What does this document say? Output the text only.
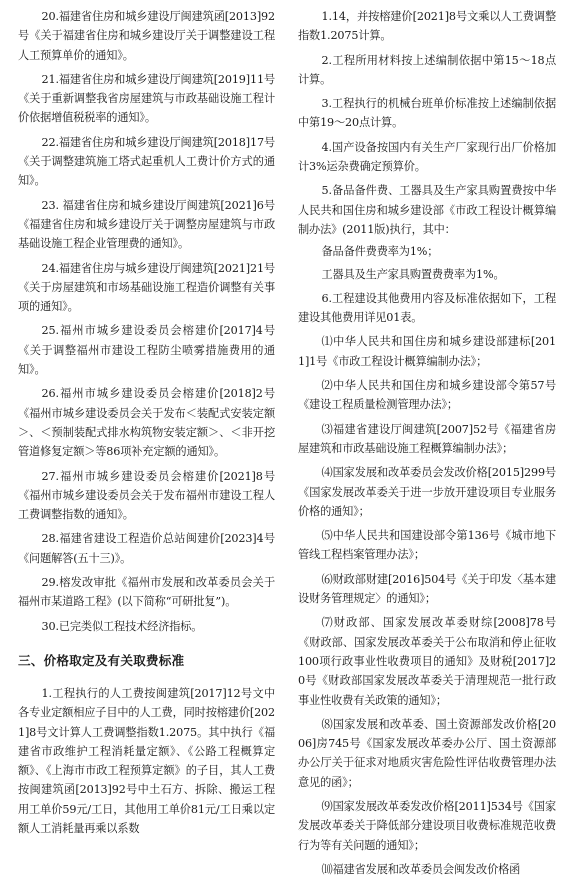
20.福建省住房和城乡建设厅闽建筑函[2013]92号《关于福建省住房和城乡建设厅关于调整建设工程人工预算单价的通知》。

21.福建省住房和城乡建设厅闽建筑[2019]11号《关于重新调整我省房屋建筑与市政基础设施工程计价依据增值税税率的通知》。

22.福建省住房和城乡建设厅闽建筑[2018]17号《关于调整建筑施工塔式起重机人工费计价方式的通知》。

23. 福建省住房和城乡建设厅闽建筑[2021]6号《福建省住房和城乡建设厅关于调整房屋建筑与市政基础设施工程企业管理费的通知》。

24.福建省住房与城乡建设厅闽建筑[2021]21号《关于房屋建筑和市场基础设施工程造价调整有关事项的通知》。

25.福州市城乡建设委员会榕建价[2017]4号《关于调整福州市建设工程防尘喷雾措施费用的通知》。

26.福州市城乡建设委员会榕建价[2018]2号《福州市城乡建设委员会关于发布＜装配式安装定额＞、＜预制装配式排水构筑物安装定额＞、＜非开挖管道修复定额＞等86项补充定额的通知》。

27.福州市城乡建设委员会榕建价[2021]8号《福州市城乡建设委员会关于发布福州市建设工程人工费调整指数的通知》。

28.福建省建设工程造价总站闽建价[2023]4号《问题解答(五十三)》。

29.榕发改审批《福州市发展和改革委员会关于福州市某道路工程》(以下简称“可研批复”)。

30.已完类似工程技术经济指标。

三、价格取定及有关取费标准

1.工程执行的人工费按闽建筑[2017]12号文中各专业定额相应子目中的人工费，同时按榕建价[2021]8号文计算人工费调整指数1.2075。其中执行《福建省市政维护工程消耗量定额》、《公路工程概算定额》、《上海市市政工程预算定额》的子目，其人工费按闽建筑函[2013]92号中土石方、拆除、搬运工程用工单价59元/工日，其他用工单价81元/工日乘以定额人工消耗量再乘以系数

1.14，并按榕建价[2021]8号文乘以人工费调整指数1.2075计算。

2.工程所用材料按上述编制依据中第15～18点计算。

3.工程执行的机械台班单价标准按上述编制依据中第19～20点计算。

4.国产设备按国内有关生产厂家现行出厂价格加计3%运杂费确定预算价。

5.备品备件费、工器具及生产家具购置费按中华人民共和国住房和城乡建设部《市政工程设计概算编制办法》(2011版)执行，其中：

备品备件费费率为1%；

工器具及生产家具购置费费率为1%。

6.工程建设其他费用内容及标准依据如下，工程建设其他费用详见01表。

⑴中华人民共和国住房和城乡建设部建标[2011]1号《市政工程设计概算编制办法》；

⑵中华人民共和国住房和城乡建设部令第57号《建设工程质量检测管理办法》；

⑶福建省建设厅闽建筑[2007]52号《福建省房屋建筑和市政基础设施工程概算编制办法》；

⑷国家发展和改革委员会发改价格[2015]299号《国家发展改革委关于进一步放开建设项目专业服务价格的通知》；

⑸中华人民共和国建设部令第136号《城市地下管线工程档案管理办法》；

⑹财政部财建[2016]504号《关于印发〈基本建设财务管理规定〉的通知》；

⑺财政部、国家发展改革委财综[2008]78号《财政部、国家发展改革委关于公布取消和停止征收100项行政事业性收费项目的通知》及财税[2017]20号《财政部国家发展改革委关于清理规范一批行政事业性收费有关政策的通知》；

⑻国家发展和改革委、国土资源部发改价格[2006]房745号《国家发展改革委办公厅、国土资源部办公厅关于征求对地质灾害危险性评估收费管理办法意见的函》；

⑼国家发展改革委发改价格[2011]534号《国家发展改革委关于降低部分建设项目收费标准规范收费行为等有关问题的通知》；

⑽福建省发展和改革委员会闽发改价格函
